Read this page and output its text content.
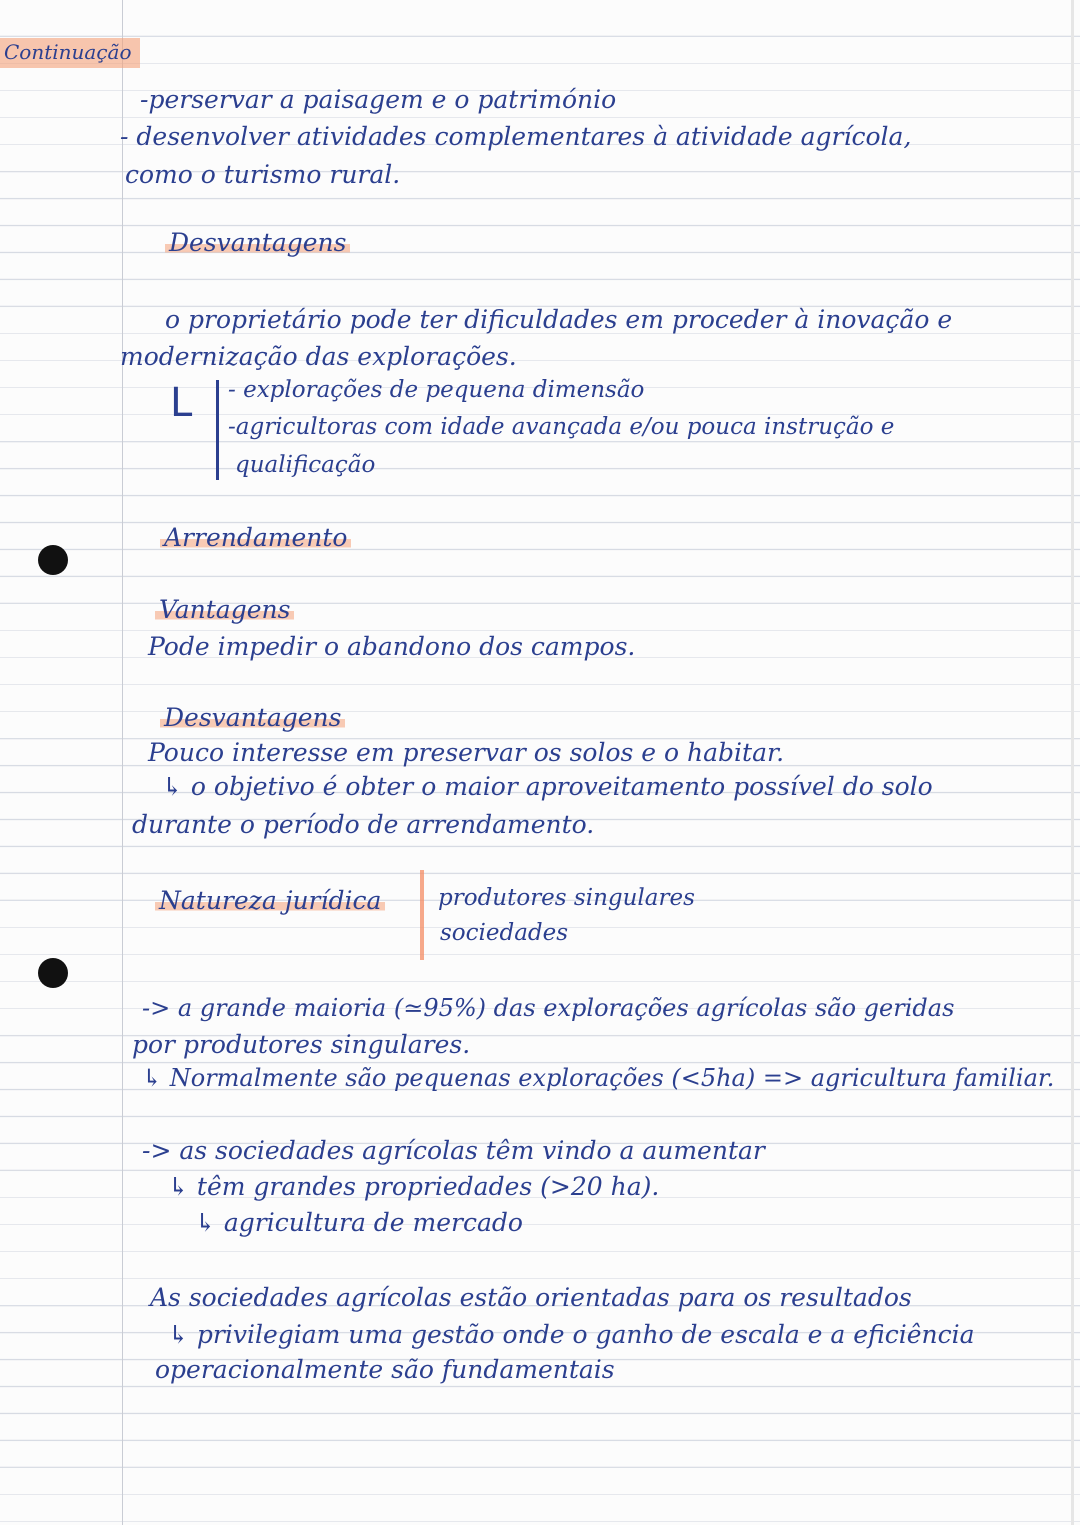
Continuação
-perservar a paisagem e o património
- desenvolver atividades complementares à atividade agrícola,
como o turismo rural.
Desvantagens
o proprietário pode ter dificuldades em proceder à inovação e
modernização das explorações.
L - explorações de pequena dimensão
-agricultoras com idade avançada e/ou pouca instrução e
qualificação
Arrendamento
Vantagens
Pode impedir o abandono dos campos.
Desvantagens
Pouco interesse em preservar os solos e o habitar.
↳ o objetivo é obter o maior aproveitamento possível do solo
durante o período de arrendamento.
Natureza jurídica produtores singulares
sociedades
-> a grande maioria (≃95%) das explorações agrícolas são geridas
por produtores singulares.
↳ Normalmente são pequenas explorações (<5ha) => agricultura familiar.
-> as sociedades agrícolas têm vindo a aumentar
↳ têm grandes propriedades (>20 ha).
↳ agricultura de mercado
As sociedades agrícolas estão orientadas para os resultados
↳ privilegiam uma gestão onde o ganho de escala e a eficiência
operacionalmente são fundamentais
